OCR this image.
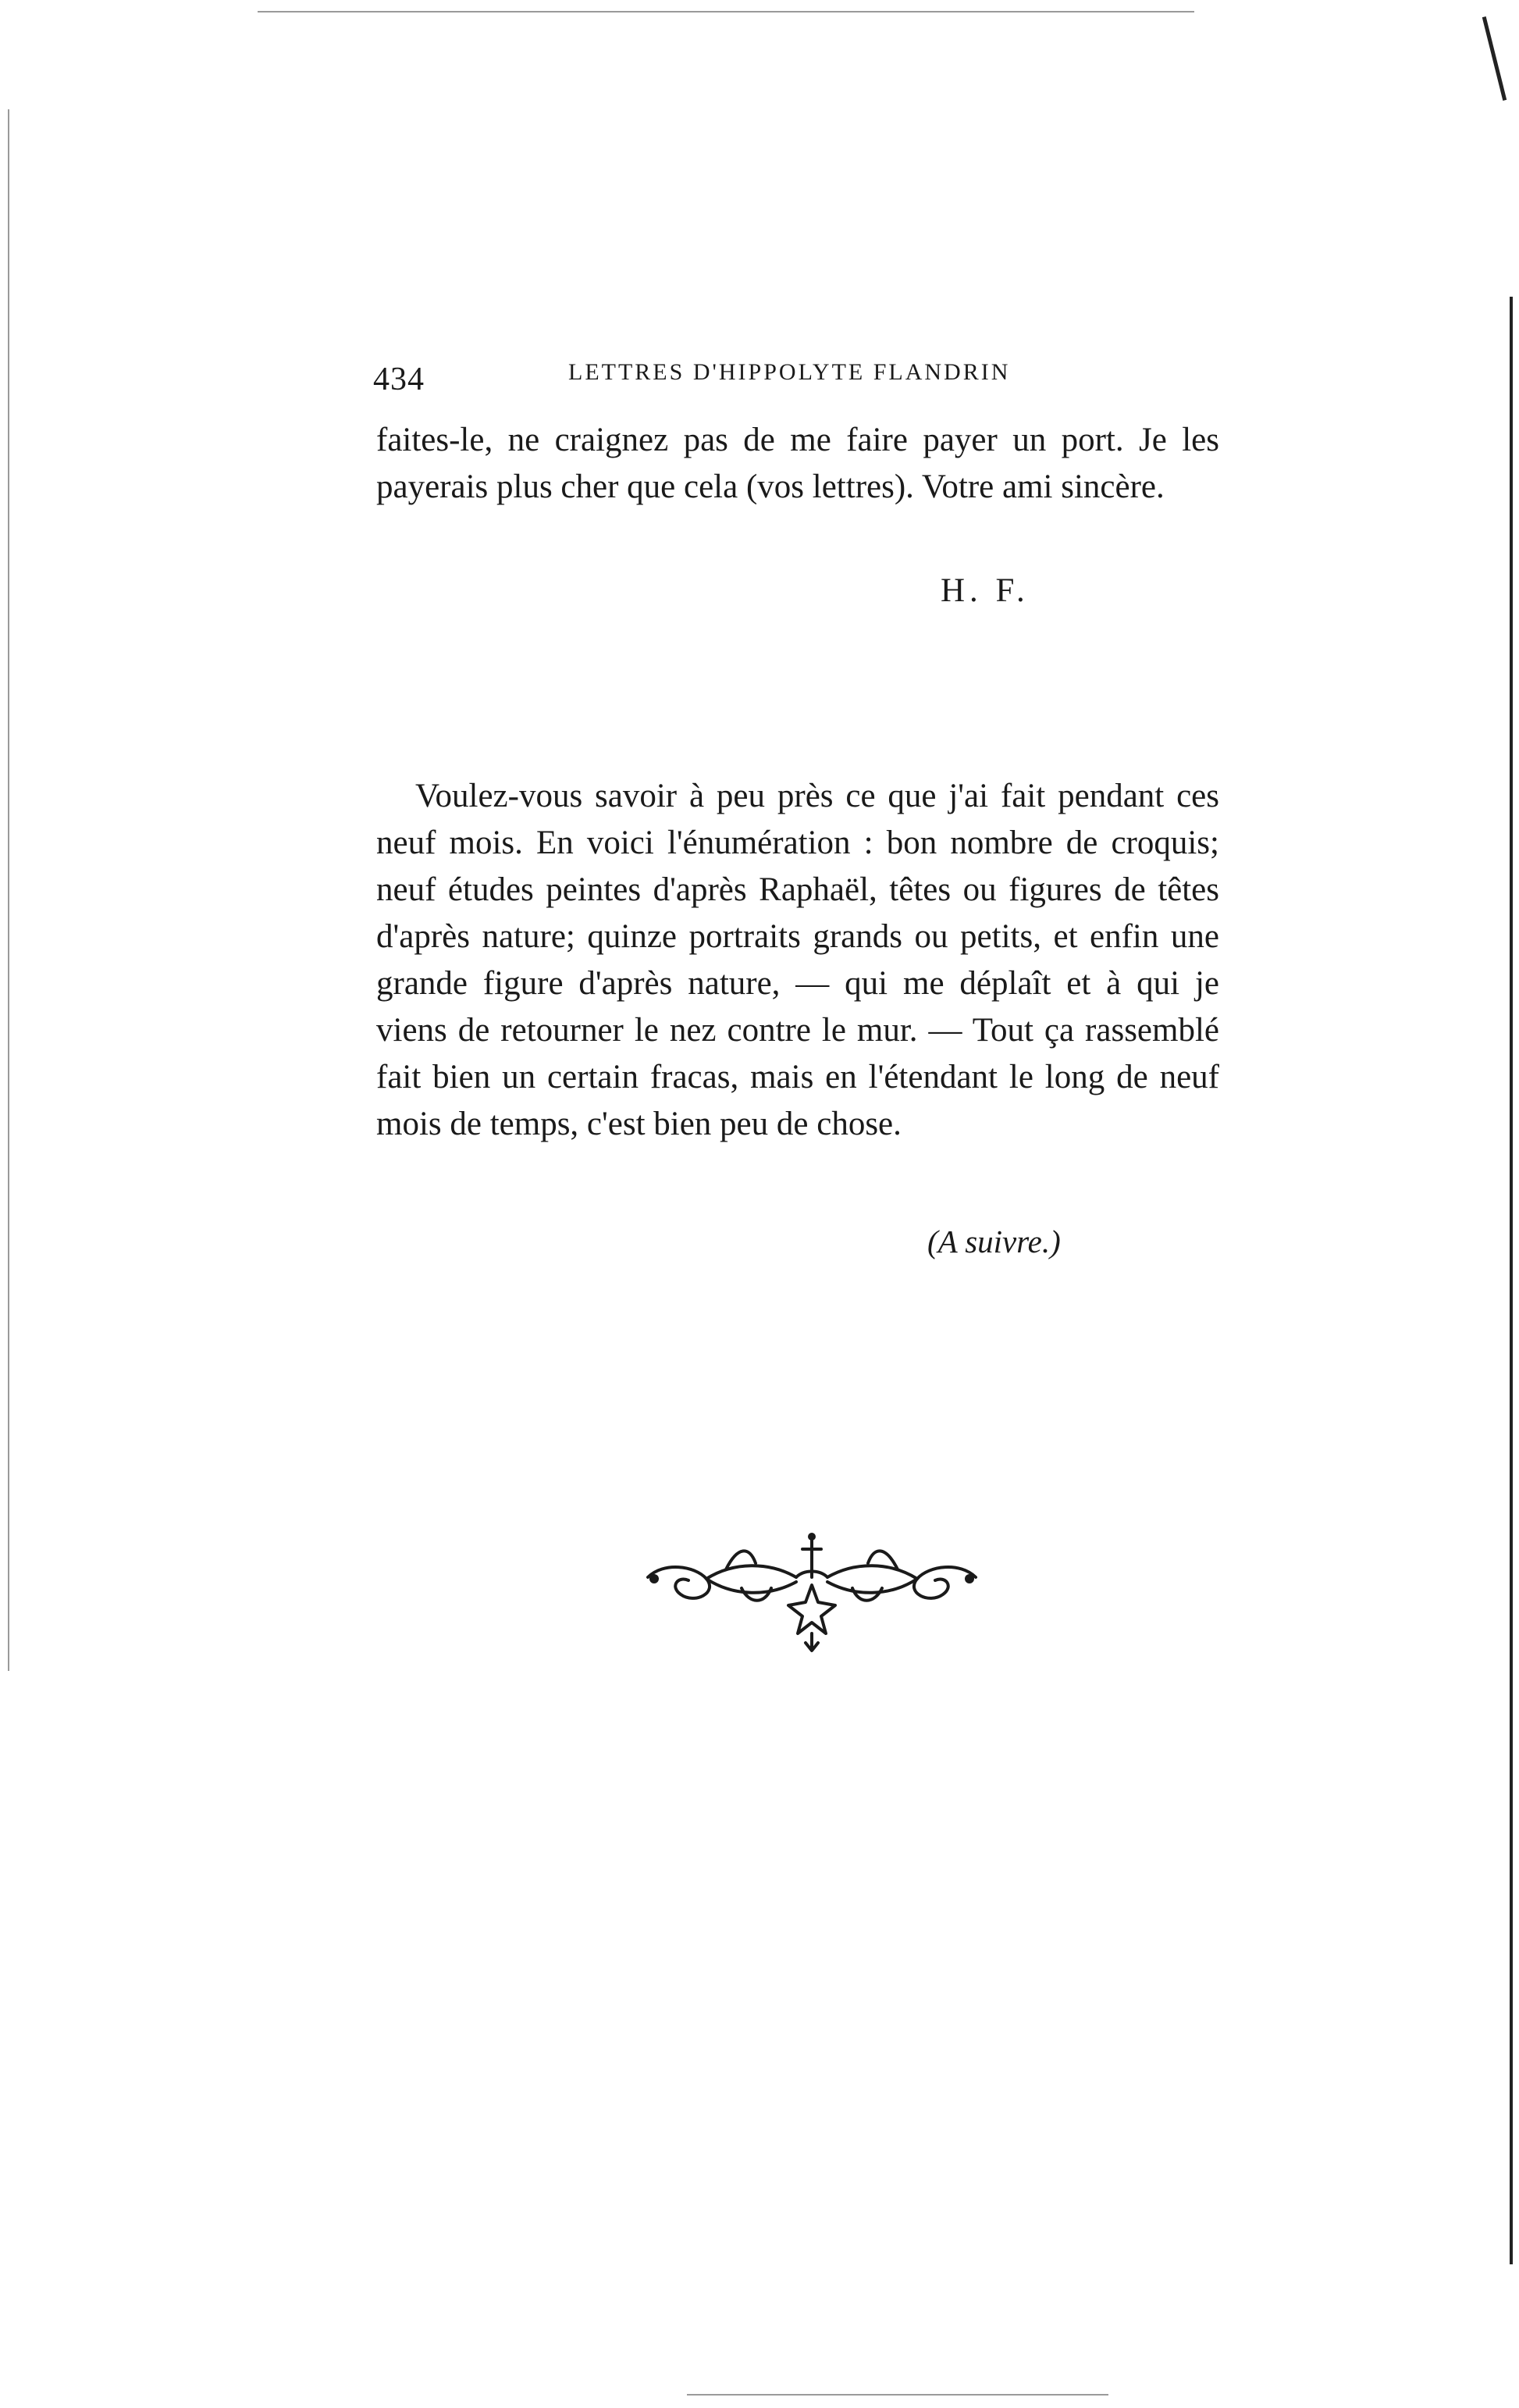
434	LETTRES D'HIPPOLYTE FLANDRIN

faites-le, ne craignez pas de me faire payer un port. Je les payerais plus cher que cela (vos lettres). Votre ami sincère.

H. F.

Voulez-vous savoir à peu près ce que j'ai fait pendant ces neuf mois. En voici l'énumération : bon nombre de croquis; neuf études peintes d'après Raphaël, têtes ou figures de têtes d'après nature; quinze portraits grands ou petits, et enfin une grande figure d'après nature, — qui me déplaît et à qui je viens de retourner le nez contre le mur. — Tout ça rassemblé fait bien un certain fracas, mais en l'étendant le long de neuf mois de temps, c'est bien peu de chose.

(A suivre.)
